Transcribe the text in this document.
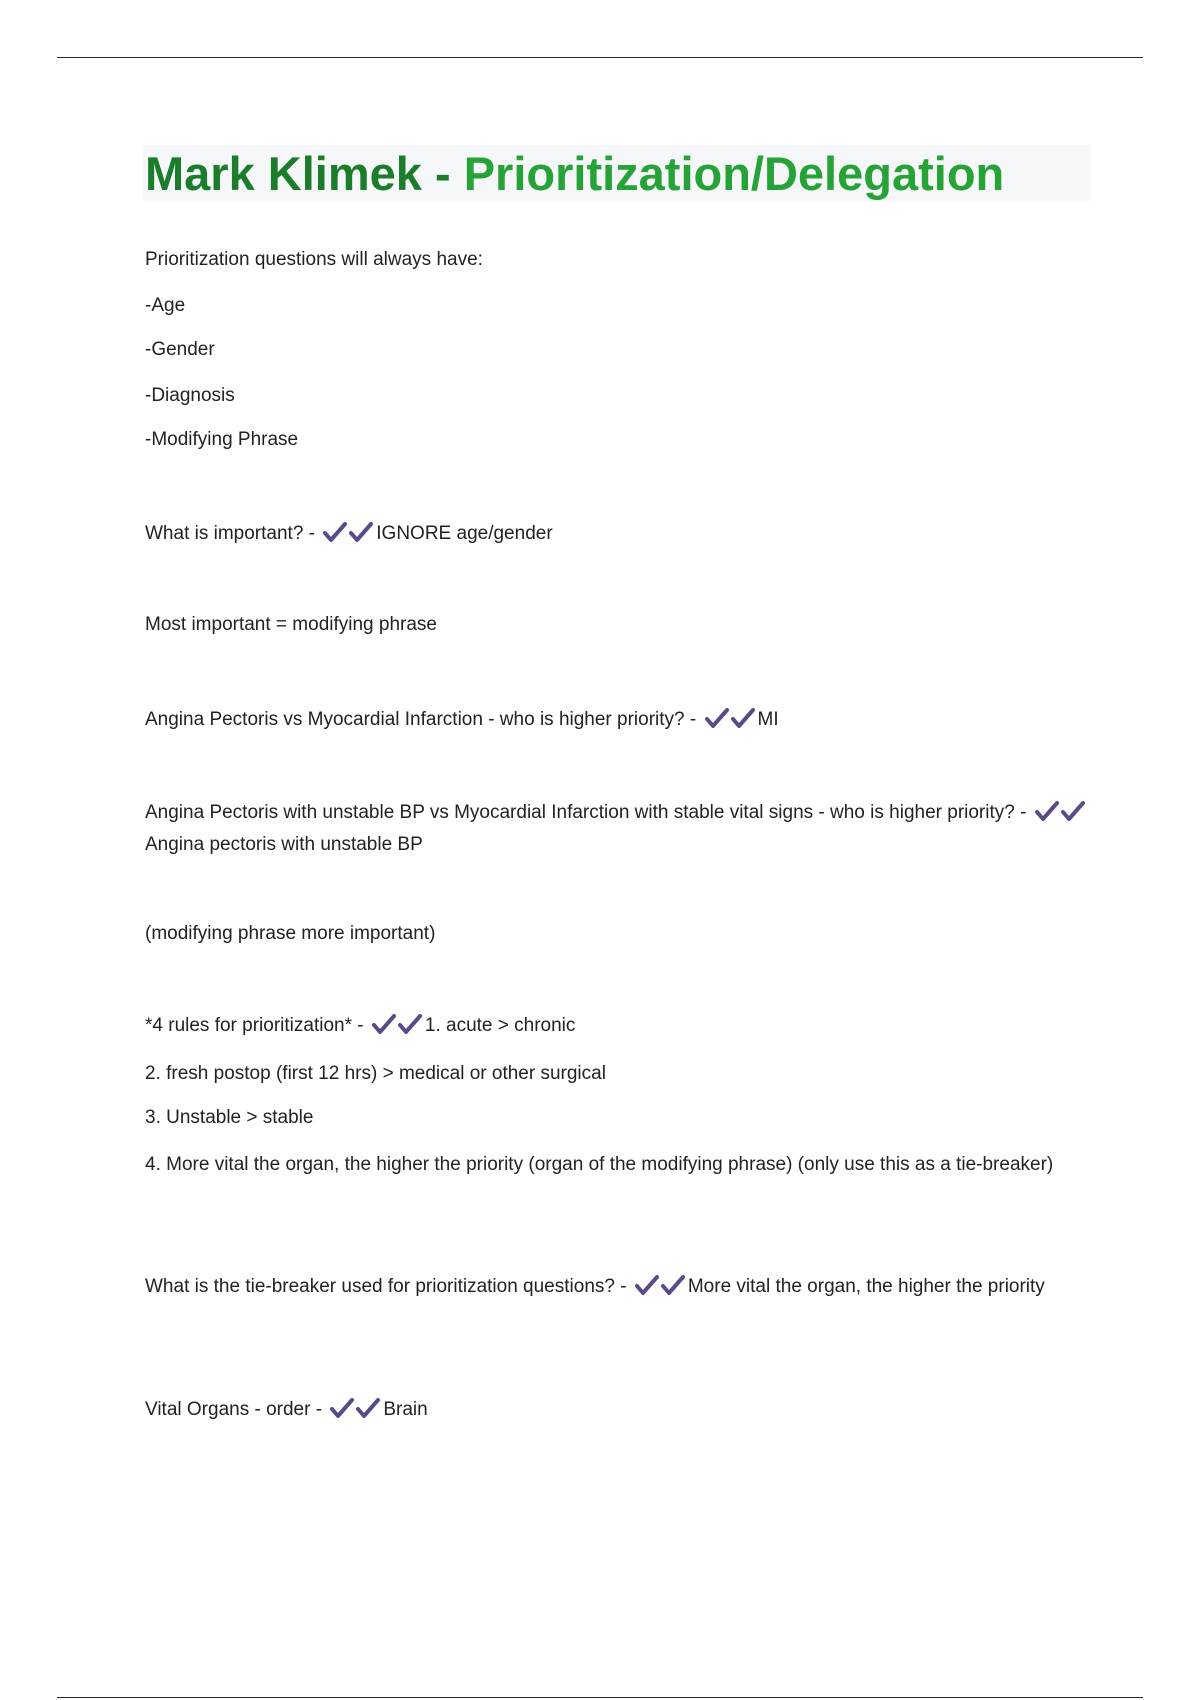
Mark Klimek - Prioritization/Delegation

Prioritization questions will always have:

-Age

-Gender

-Diagnosis

-Modifying Phrase

What is important? -	IGNORE age/gender

Most important = modifying phrase

Angina Pectoris vs Myocardial Infarction - who is higher priority? -	MI

Angina Pectoris with unstable BP vs Myocardial Infarction with stable vital signs - who is higher priority? -
Angina pectoris with unstable BP

(modifying phrase more important)

*4 rules for prioritization* -	1. acute > chronic

2. fresh postop (first 12 hrs) > medical or other surgical

3. Unstable > stable

4. More vital the organ, the higher the priority (organ of the modifying phrase) (only use this as a tie-breaker)

What is the tie-breaker used for prioritization questions? -	More vital the organ, the higher the priority

Vital Organs - order -	Brain
